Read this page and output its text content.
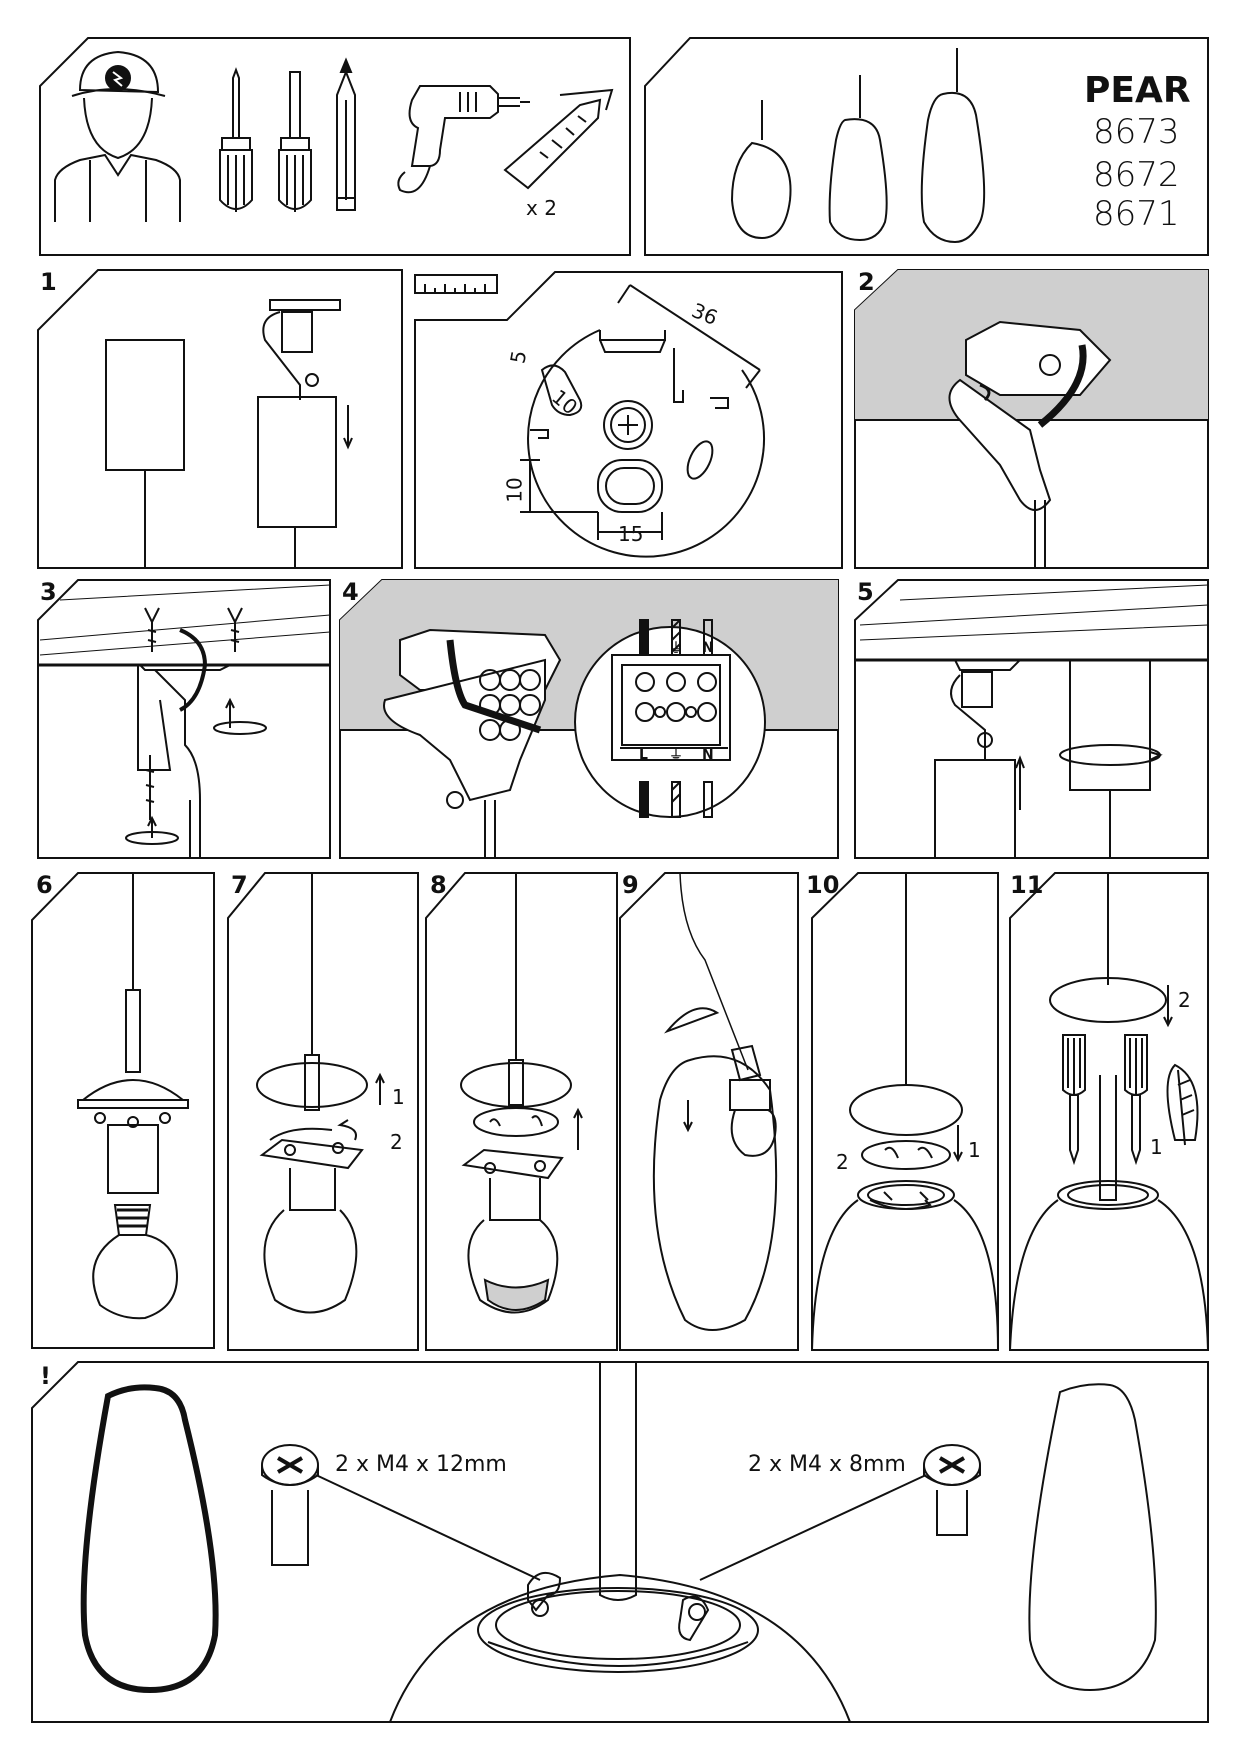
x 2
PEAR
8673
8672
8671
1	2
36
5
10
10
15
3	4	5
L ⏚ N
L ⏚ N
6	7	8	9	10	11
1
2	1
2
2
1
!
2 x M4 x 12mm	2 x M4 x 8mm
